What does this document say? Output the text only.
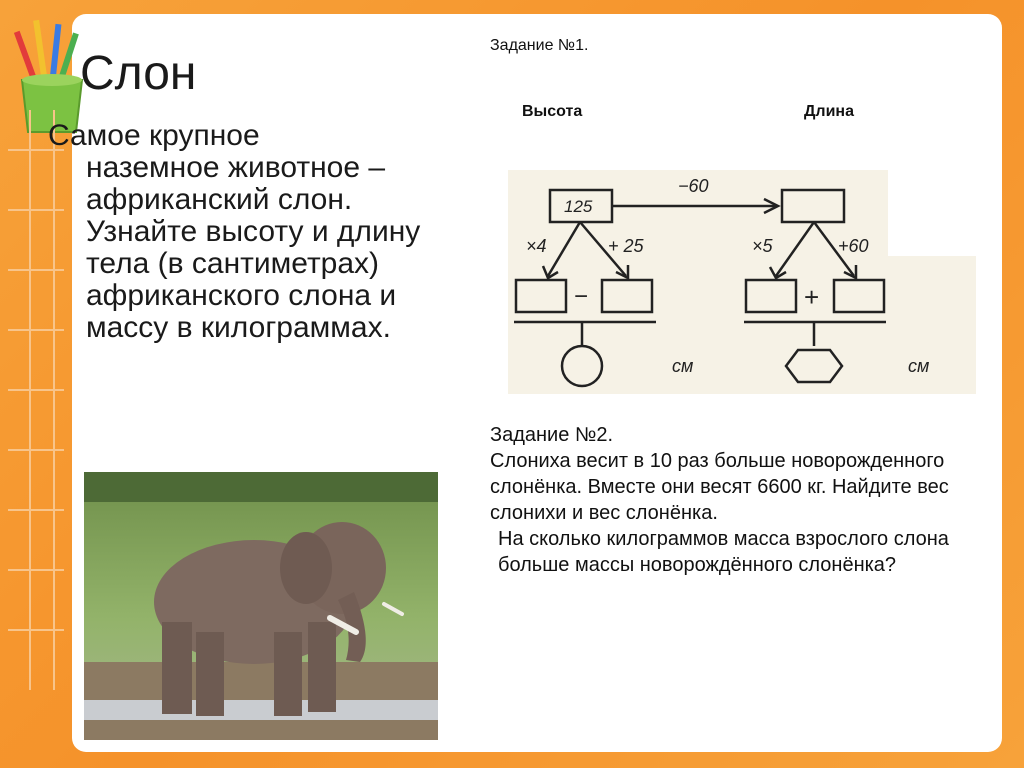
Слон
Самое крупное
наземное животное – африканский слон. Узнайте высоту и длину тела (в сантиметрах) африканского слона и массу в килограммах.
Задание №1.
Высота	Длина
125
−60
×4	+ 25	×5	+60
−	+
см	см

Задание №2.

Слониха весит в 10 раз больше новорожденного слонёнка. Вместе они весят 6600 кг. Найдите вес слонихи и вес слонёнка.

На сколько килограммов масса взрослого слона больше массы новорождённого слонёнка?
